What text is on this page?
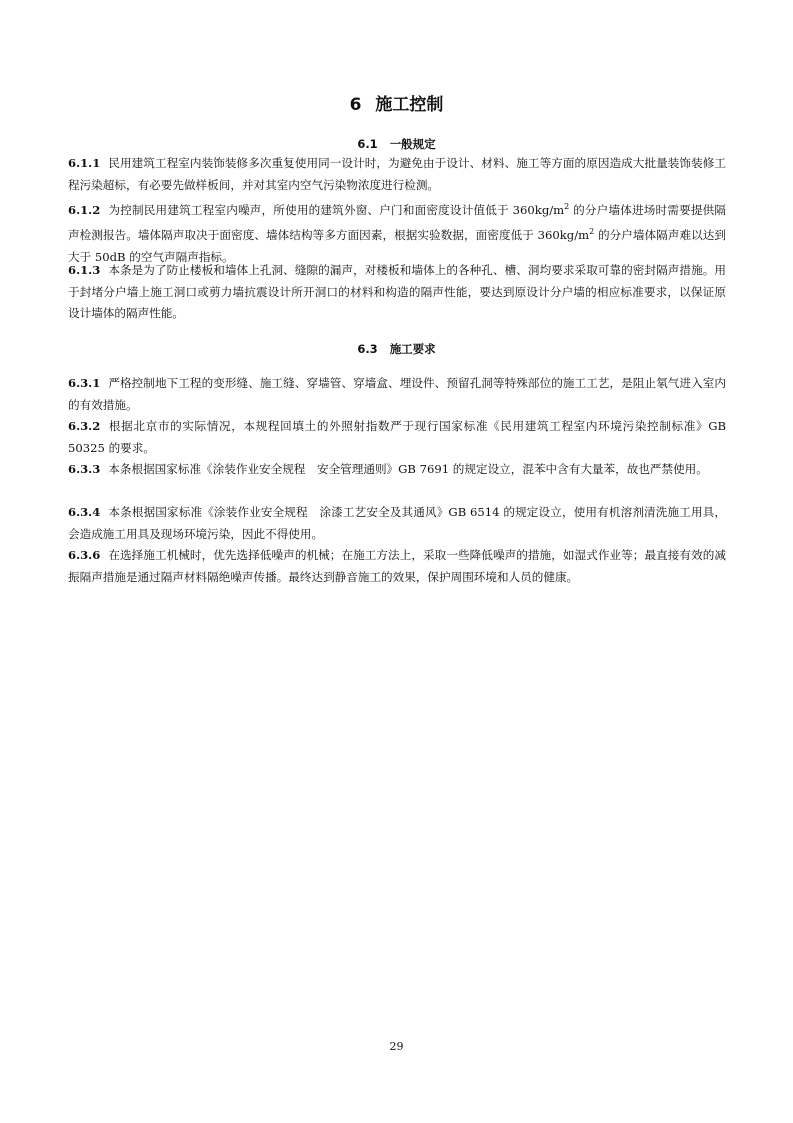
6 施工控制
6.1 一般规定
6.1.1 民用建筑工程室内装饰装修多次重复使用同一设计时，为避免由于设计、材料、施工等方面的原因造成大批量装饰装修工程污染超标，有必要先做样板间，并对其室内空气污染物浓度进行检测。
6.1.2 为控制民用建筑工程室内噪声，所使用的建筑外窗、户门和面密度设计值低于 $360kg/m^2$ 的分户墙体进场时需要提供隔声检测报告。墙体隔声取决于面密度、墙体结构等多方面因素，根据实验数据，面密度低于 $360kg/m^2$ 的分户墙体隔声难以达到大于 50dB 的空气声隔声指标。
6.1.3 本条是为了防止楼板和墙体上孔洞、缝隙的漏声，对楼板和墙体上的各种孔、槽、洞均要求采取可靠的密封隔声措施。用于封堵分户墙上施工洞口或剪力墙抗震设计所开洞口的材料和构造的隔声性能，要达到原设计分户墙的相应标准要求，以保证原设计墙体的隔声性能。
6.3 施工要求
6.3.1 严格控制地下工程的变形缝、施工缝、穿墙管、穿墙盒、埋设件、预留孔洞等特殊部位的施工工艺，是阻止氡气进入室内的有效措施。
6.3.2 根据北京市的实际情况，本规程回填土的外照射指数严于现行国家标准《民用建筑工程室内环境污染控制标准》GB 50325 的要求。
6.3.3 本条根据国家标准《涂装作业安全规程　安全管理通则》GB 7691 的规定设立，混苯中含有大量苯，故也严禁使用。
6.3.4 本条根据国家标准《涂装作业安全规程　涂漆工艺安全及其通风》GB 6514 的规定设立，使用有机溶剂清洗施工用具，会造成施工用具及现场环境污染，因此不得使用。
6.3.6 在选择施工机械时，优先选择低噪声的机械；在施工方法上，采取一些降低噪声的措施，如湿式作业等；最直接有效的减振隔声措施是通过隔声材料隔绝噪声传播。最终达到静音施工的效果，保护周围环境和人员的健康。
29
